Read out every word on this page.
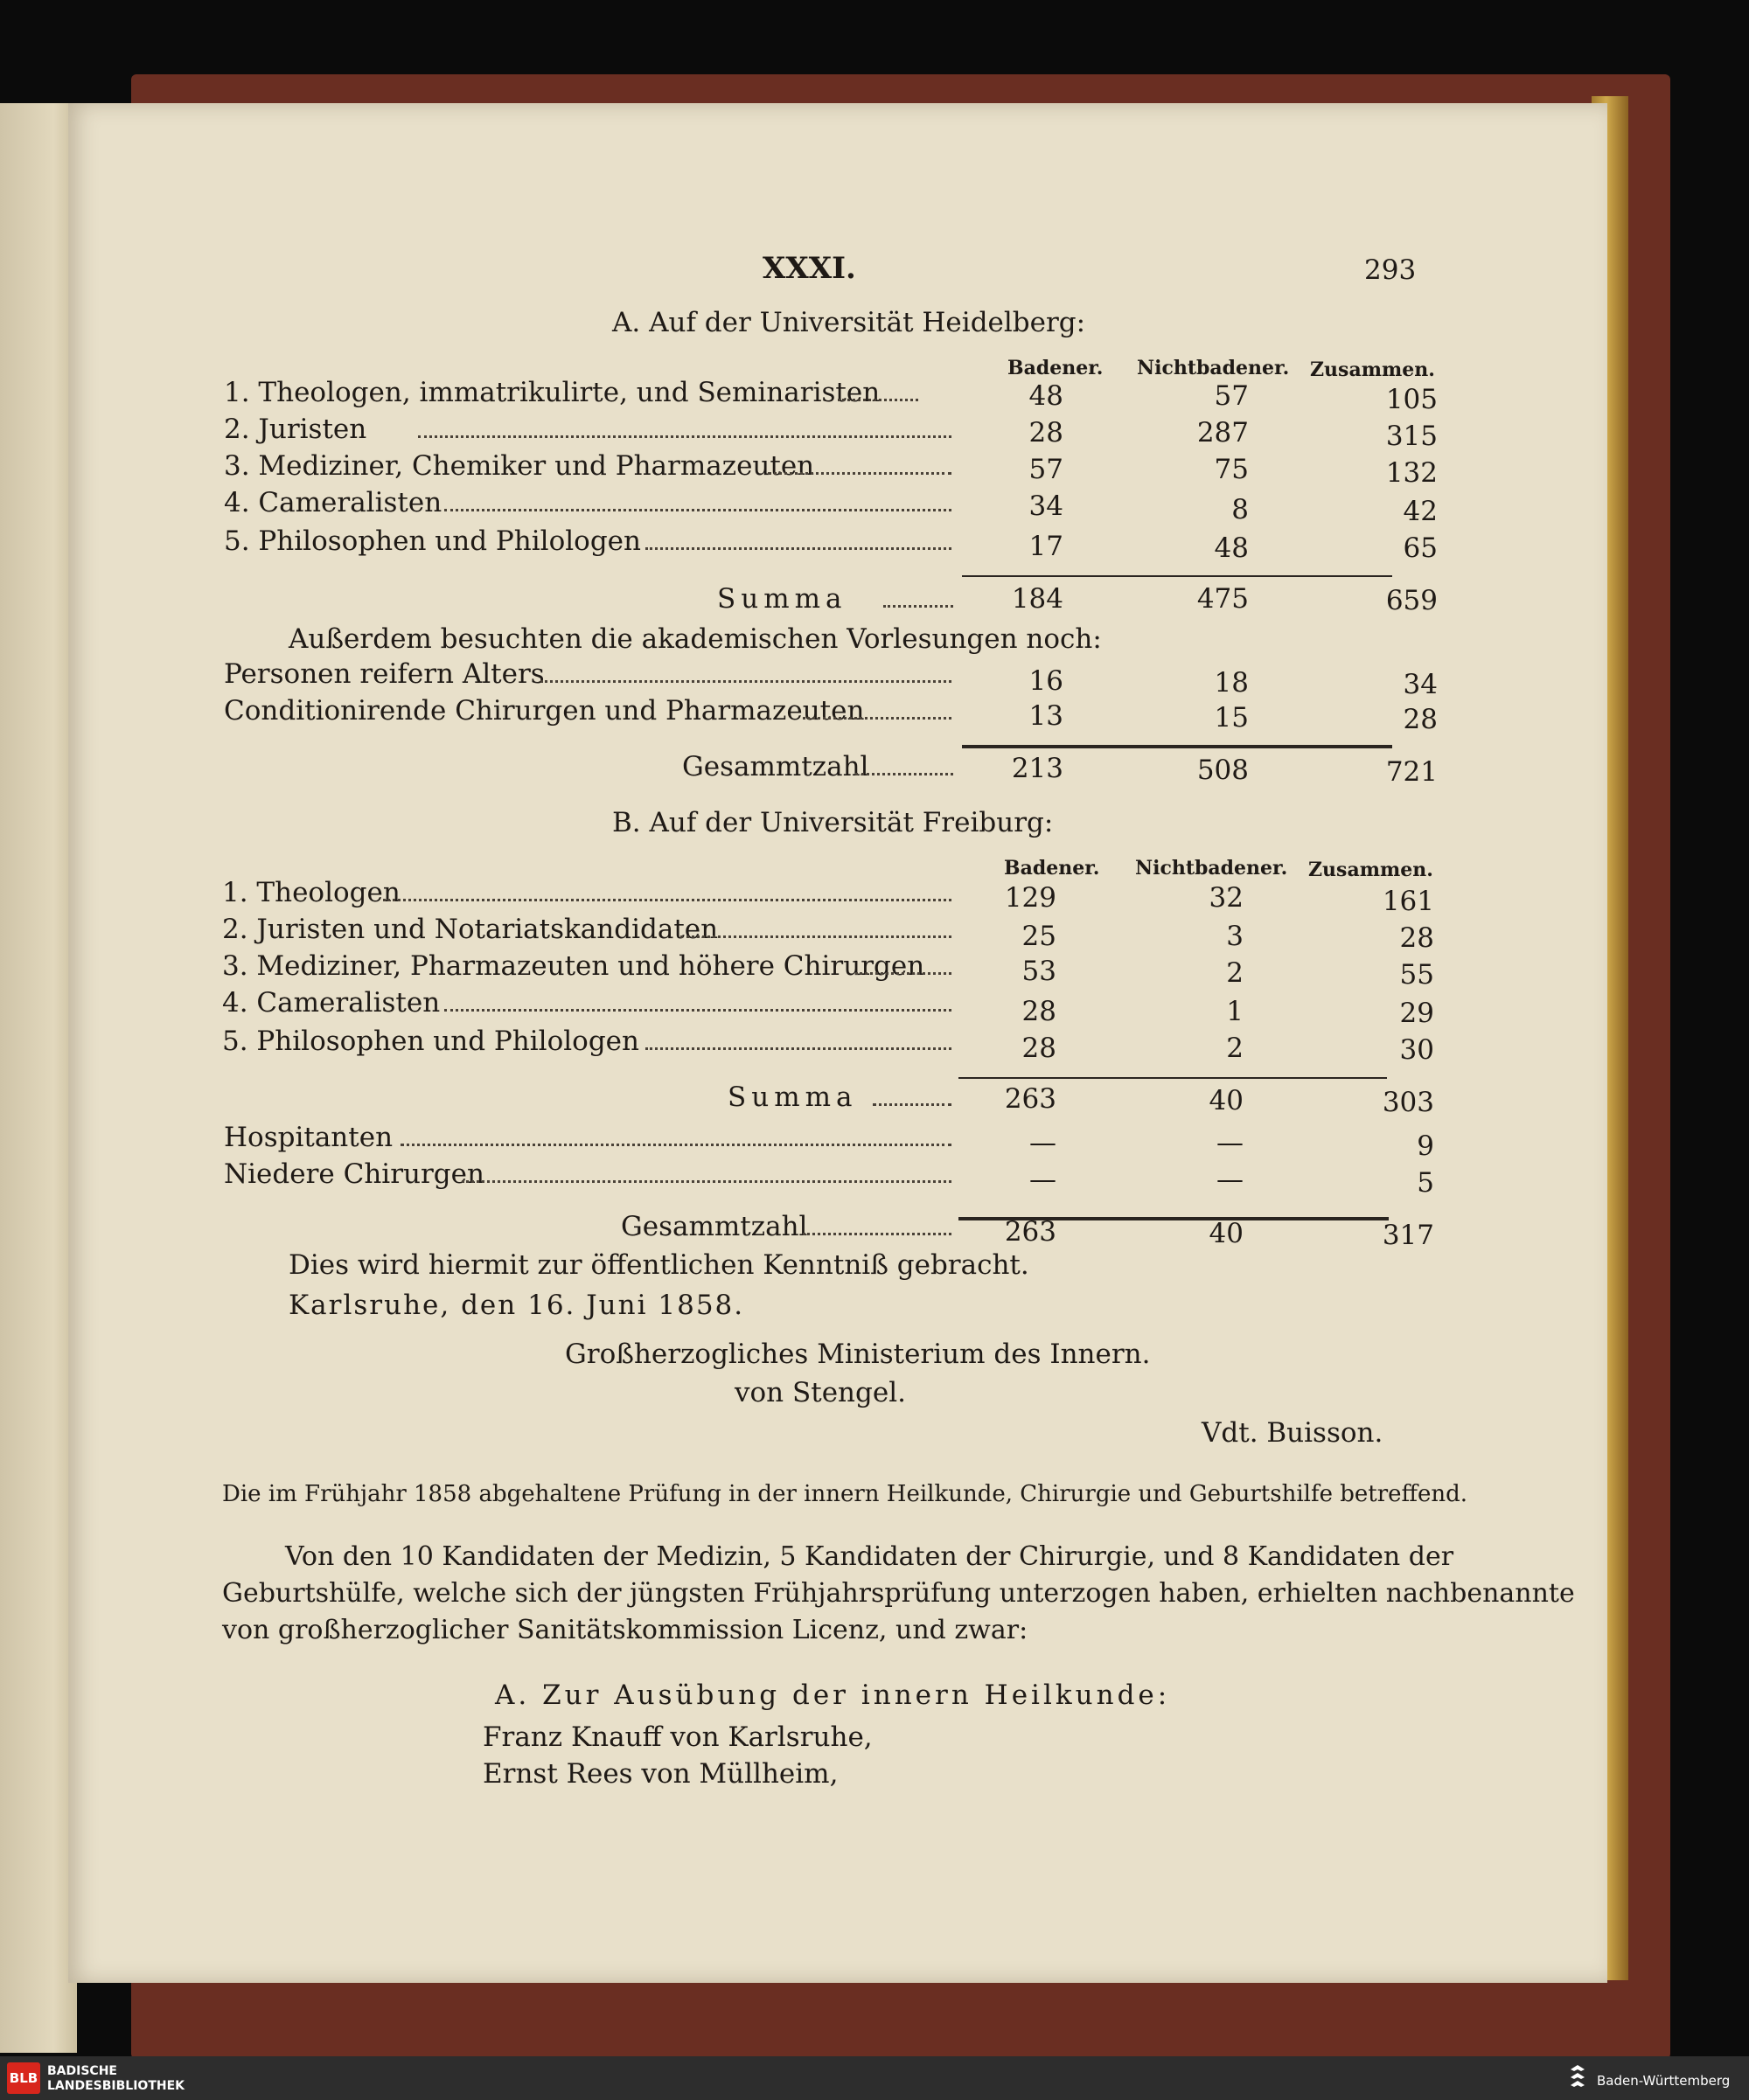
XXXI.	293
A. Auf der Universität Heidelberg:
Badener. Nichtbadener. Zusammen.
1. Theologen, immatrikulirte, und Seminaristen	48	57	105
2. Juristen	28	287	315
3. Mediziner, Chemiker und Pharmazeuten	57	75	132
4. Cameralisten	34	8	42
5. Philosophen und Philologen	17	48	65
Summa	184	475	659
Außerdem besuchten die akademischen Vorlesungen noch:
Personen reifern Alters	16	18	34
Conditionirende Chirurgen und Pharmazeuten	13	15	28
Gesammtzahl	213	508	721
B. Auf der Universität Freiburg:
Badener. Nichtbadener. Zusammen.
1. Theologen	129	32	161
2. Juristen und Notariatskandidaten	25	3	28
3. Mediziner, Pharmazeuten und höhere Chirurgen	53	2	55
4. Cameralisten	28	1	29
5. Philosophen und Philologen	28	2	30
Summa	263	40	303
Hospitanten	—	—	9
Niedere Chirurgen	—	—	5
Gesammtzahl	263	40	317
Dies wird hiermit zur öffentlichen Kenntniß gebracht.
Karlsruhe, den 16. Juni 1858.
Großherzogliches Ministerium des Innern.
von Stengel.
Vdt. Buisson.
Die im Frühjahr 1858 abgehaltene Prüfung in der innern Heilkunde, Chirurgie und Geburtshilfe betreffend.
Von den 10 Kandidaten der Medizin, 5 Kandidaten der Chirurgie, und 8 Kandidaten der
Geburtshülfe, welche sich der jüngsten Frühjahrsprüfung unterzogen haben, erhielten nachbenannte
von großherzoglicher Sanitätskommission Licenz, und zwar:
A. Zur Ausübung der innern Heilkunde:
Franz Knauff von Karlsruhe,
Ernst Rees von Müllheim,
BLB BADISCHE
LANDESBIBLIOTHEK	Baden-Württemberg
